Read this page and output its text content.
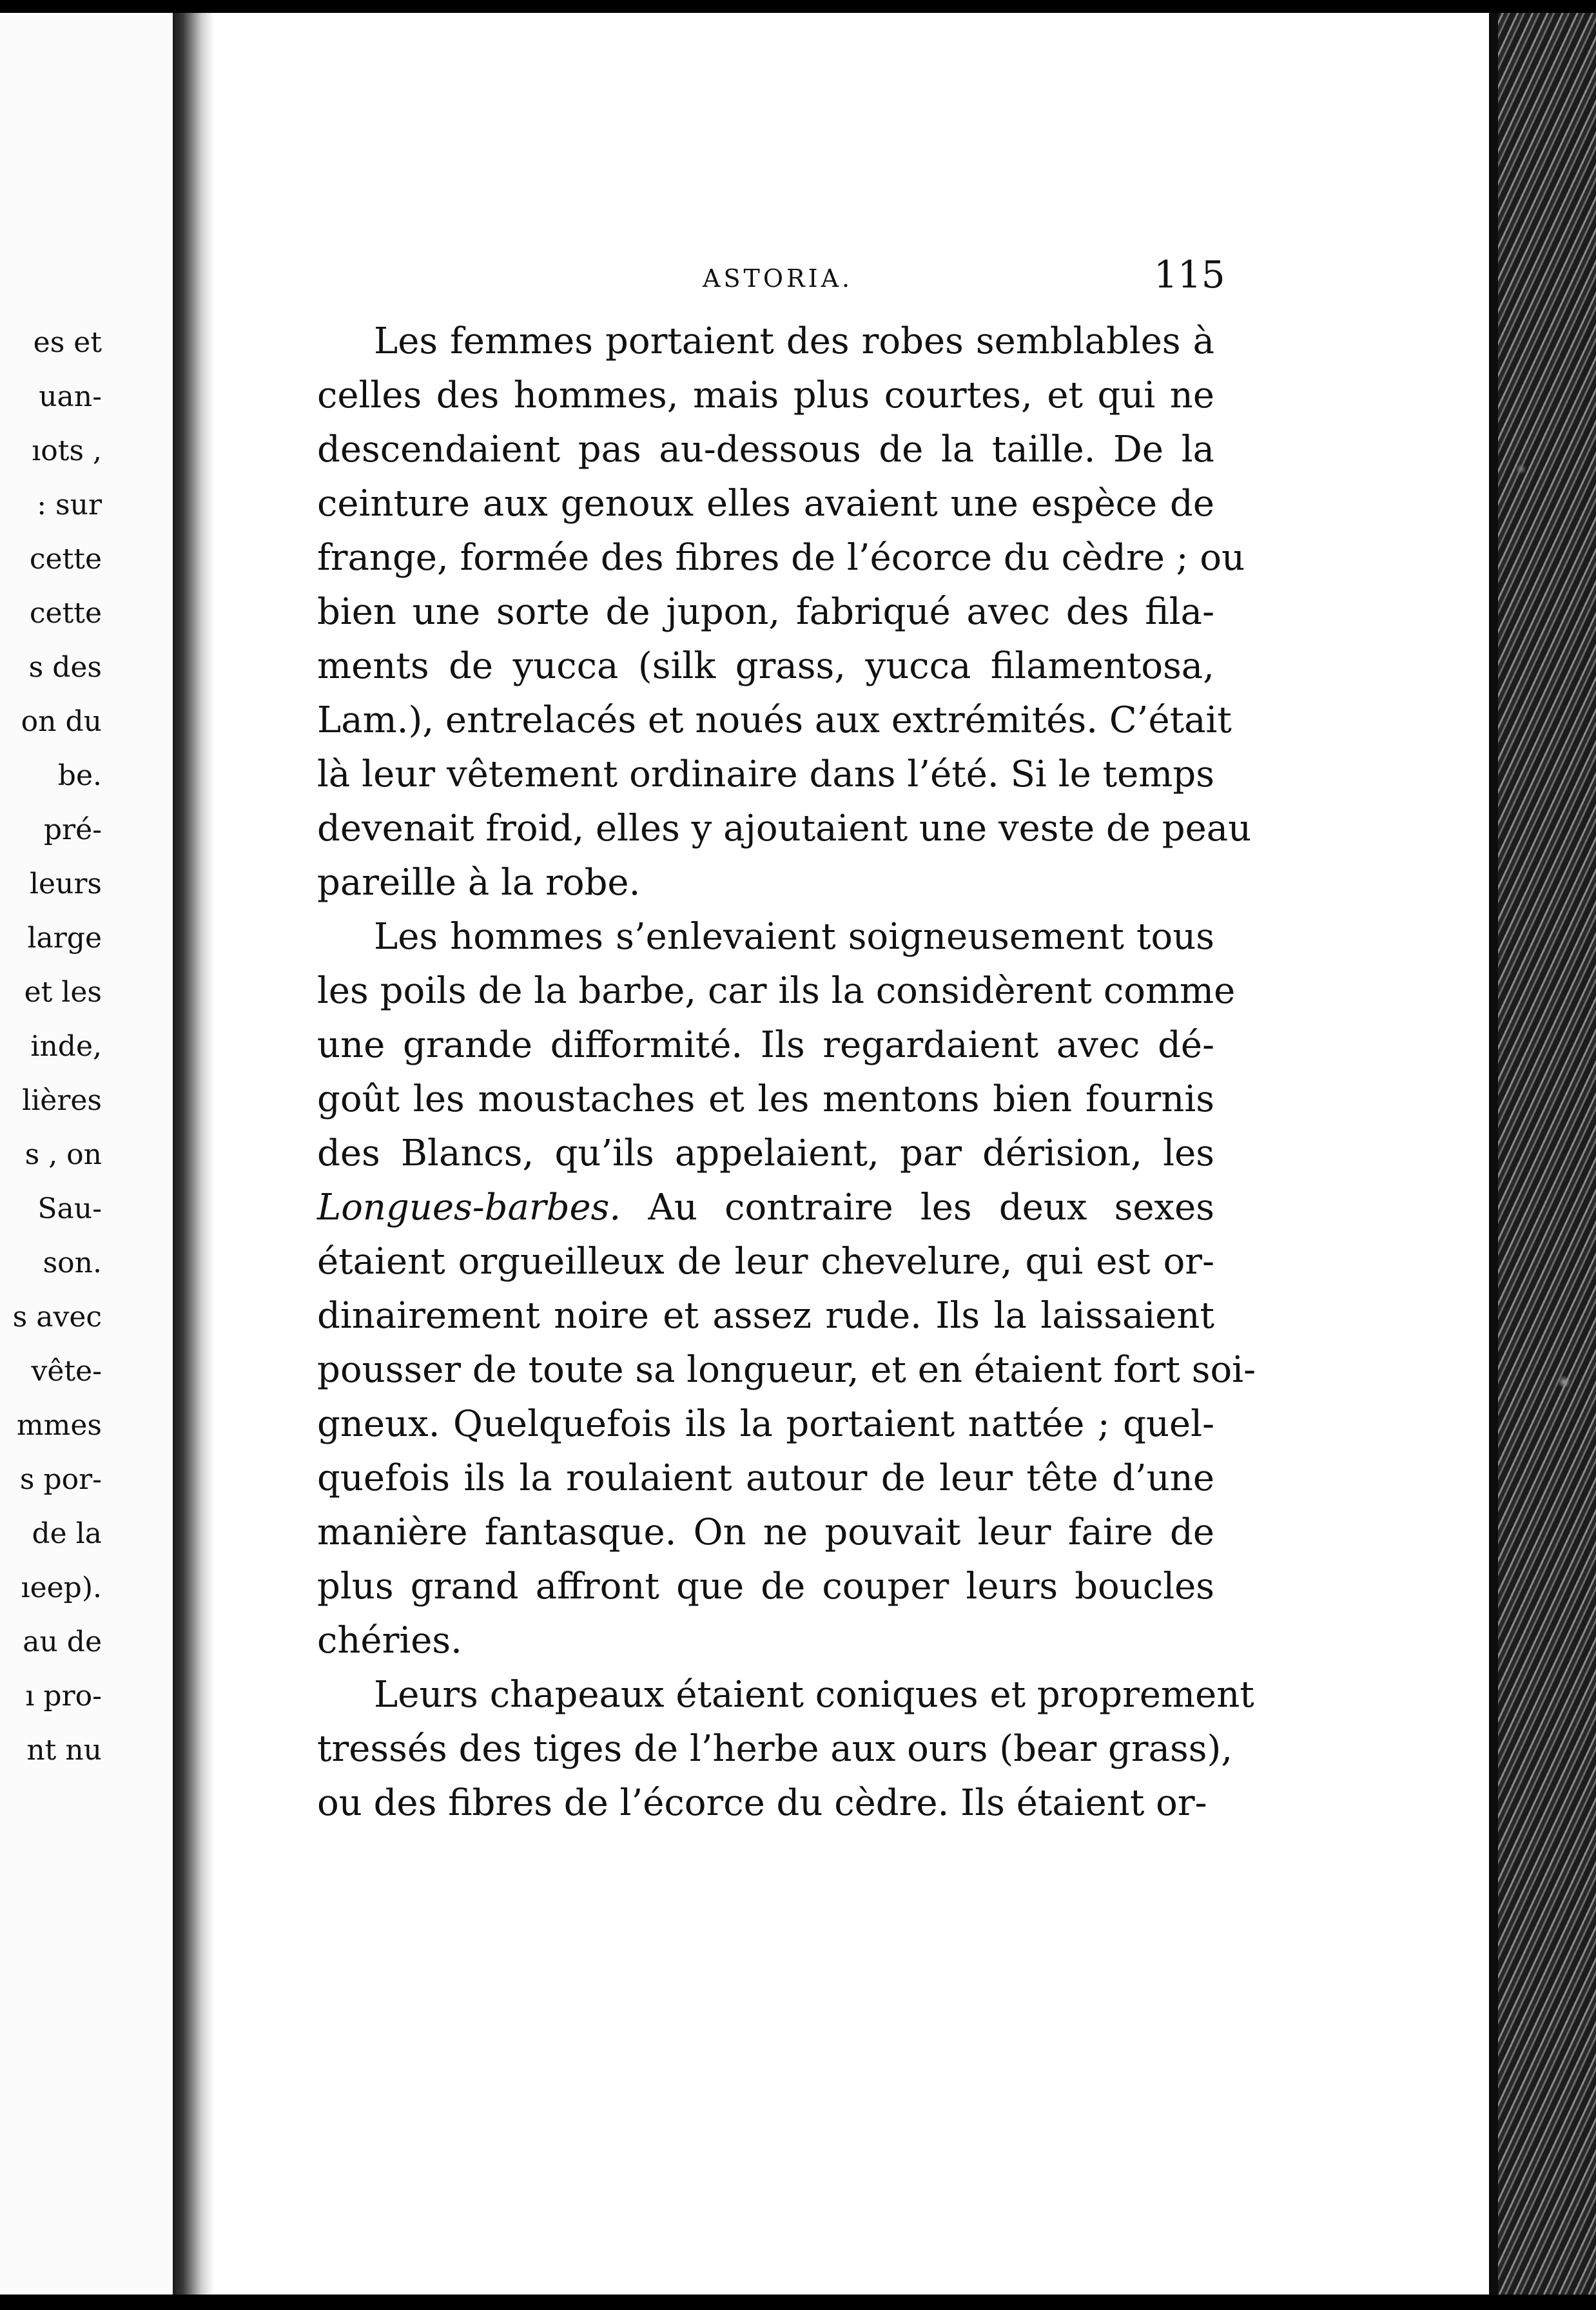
es et
uan-
ıots ,
: sur
cette
cette
s des
on du
be.
pré-
leurs
large
et les
inde,
lières
s , on
Sau-
son.
s avec
vête-
mmes
s por-
de la
ıeep).
au de
ı pro-
nt nu
ASTORIA.	115

Les femmes portaient des robes semblables à
celles des hommes, mais plus courtes, et qui ne
descendaient pas au-dessous de la taille. De la
ceinture aux genoux elles avaient une espèce de
frange, formée des fibres de l’écorce du cèdre ; ou
bien une sorte de jupon, fabriqué avec des fila-
ments de yucca (silk grass, yucca filamentosa,
Lam.), entrelacés et noués aux extrémités. C’était
là leur vêtement ordinaire dans l’été. Si le temps
devenait froid, elles y ajoutaient une veste de peau
pareille à la robe.

Les hommes s’enlevaient soigneusement tous
les poils de la barbe, car ils la considèrent comme
une grande difformité. Ils regardaient avec dé-
goût les moustaches et les mentons bien fournis
des Blancs, qu’ils appelaient, par dérision, les
Longues-barbes. Au contraire les deux sexes
étaient orgueilleux de leur chevelure, qui est or-
dinairement noire et assez rude. Ils la laissaient
pousser de toute sa longueur, et en étaient fort soi-
gneux. Quelquefois ils la portaient nattée ; quel-
quefois ils la roulaient autour de leur tête d’une
manière fantasque. On ne pouvait leur faire de
plus grand affront que de couper leurs boucles
chéries.

Leurs chapeaux étaient coniques et proprement
tressés des tiges de l’herbe aux ours (bear grass),
ou des fibres de l’écorce du cèdre. Ils étaient or-
